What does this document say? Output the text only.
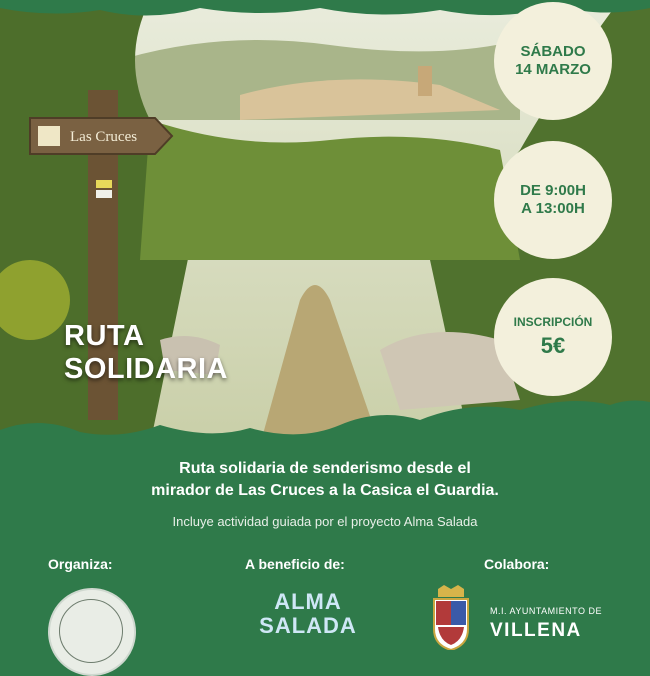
Las Cruces
SÁBADO
14 MARZO
DE 9:00H
A 13:00H
INSCRIPCIÓN
5€
RUTA
SOLIDARIA
Ruta solidaria de senderismo desde el
mirador de Las Cruces a la Casica el Guardia.
Incluye actividad guiada por el proyecto Alma Salada
Organiza:	A beneficio de:	Colabora:
ALMA
SALADA
M.I. AYUNTAMIENTO DE
VILLENA
